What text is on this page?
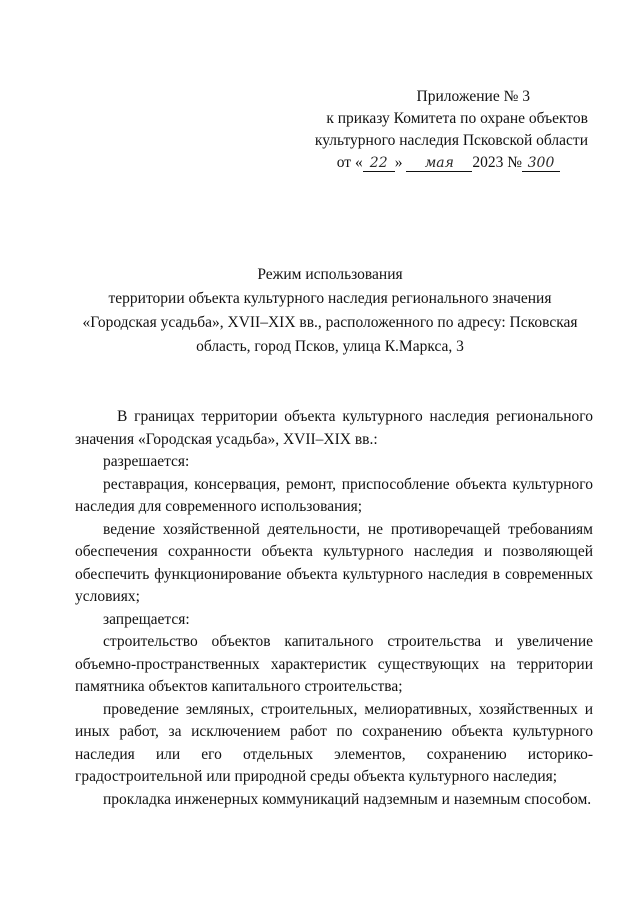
Приложение № 3
к приказу Комитета по охране объектов
культурного наследия Псковской области
от « 22 » мая 2023 № 300
Режим использования
территории объекта культурного наследия регионального значения
«Городская усадьба», XVII–XIX вв., расположенного по адресу: Псковская
область, город Псков, улица К.Маркса, 3

В границах территории объекта культурного наследия регионального значения «Городская усадьба», XVII–XIX вв.:

разрешается:

реставрация, консервация, ремонт, приспособление объекта культурного наследия для современного использования;

ведение хозяйственной деятельности, не противоречащей требованиям обеспечения сохранности объекта культурного наследия и позволяющей обеспечить функционирование объекта культурного наследия в современных условиях;

запрещается:

строительство объектов капитального строительства и увеличение объемно-пространственных характеристик существующих на территории памятника объектов капитального строительства;

проведение земляных, строительных, мелиоративных, хозяйственных и иных работ, за исключением работ по сохранению объекта культурного наследия или его отдельных элементов, сохранению историко-градостроительной или природной среды объекта культурного наследия;

прокладка инженерных коммуникаций надземным и наземным способом.
